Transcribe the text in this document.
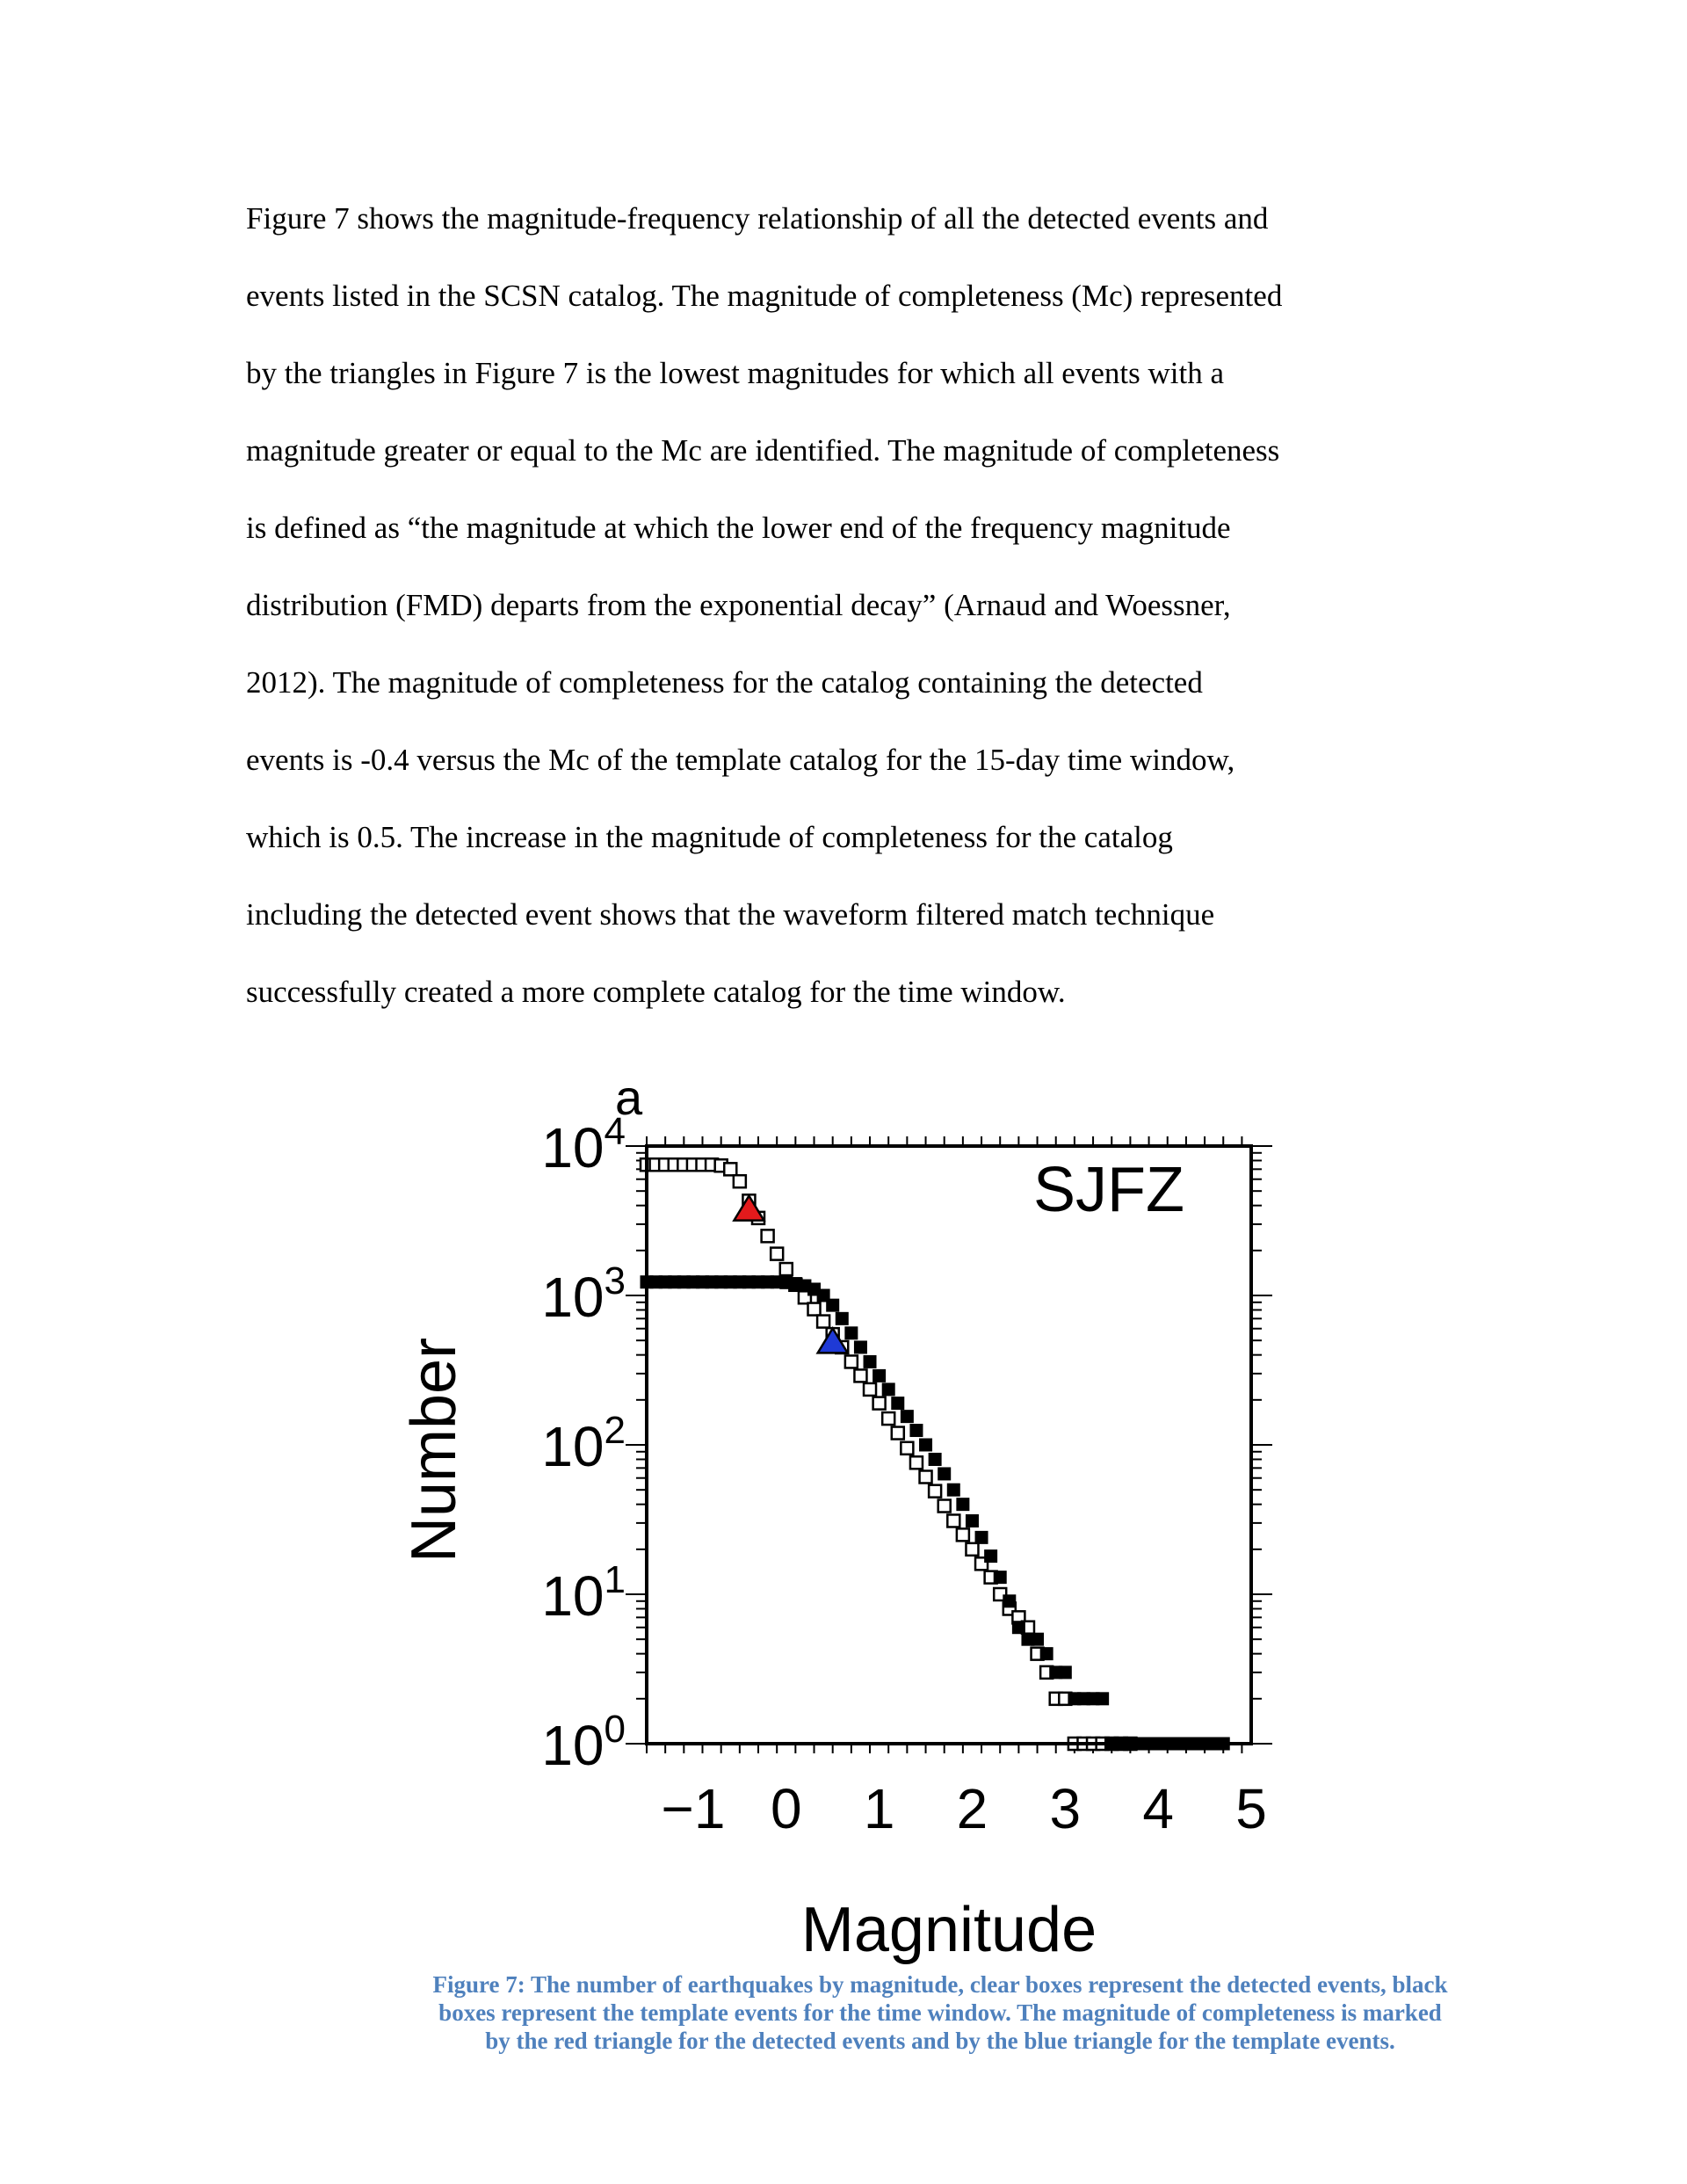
Figure 7 shows the magnitude-frequency relationship of all the detected events and
events listed in the SCSN catalog. The magnitude of completeness (Mc) represented
by the triangles in Figure 7 is the lowest magnitudes for which all events with a
magnitude greater or equal to the Mc are identified. The magnitude of completeness
is defined as “the magnitude at which the lower end of the frequency magnitude
distribution (FMD) departs from the exponential decay” (Arnaud and Woessner,
2012). The magnitude of completeness for the catalog containing the detected
events is -0.4 versus the Mc of the template catalog for the 15-day time window,
which is 0.5. The increase in the magnitude of completeness for the catalog
including the detected event shows that the waveform filtered match technique
successfully created a more complete catalog for the time window.
−1 0 1 2 3 4 5
$10^0$
$10^1$
$10^2$
$10^3$
$10^4$
a
SJFZ
Magnitude
Number
Figure 7: The number of earthquakes by magnitude, clear boxes represent the detected events, black
boxes represent the template events for the time window. The magnitude of completeness is marked
by the red triangle for the detected events and by the blue triangle for the template events.
